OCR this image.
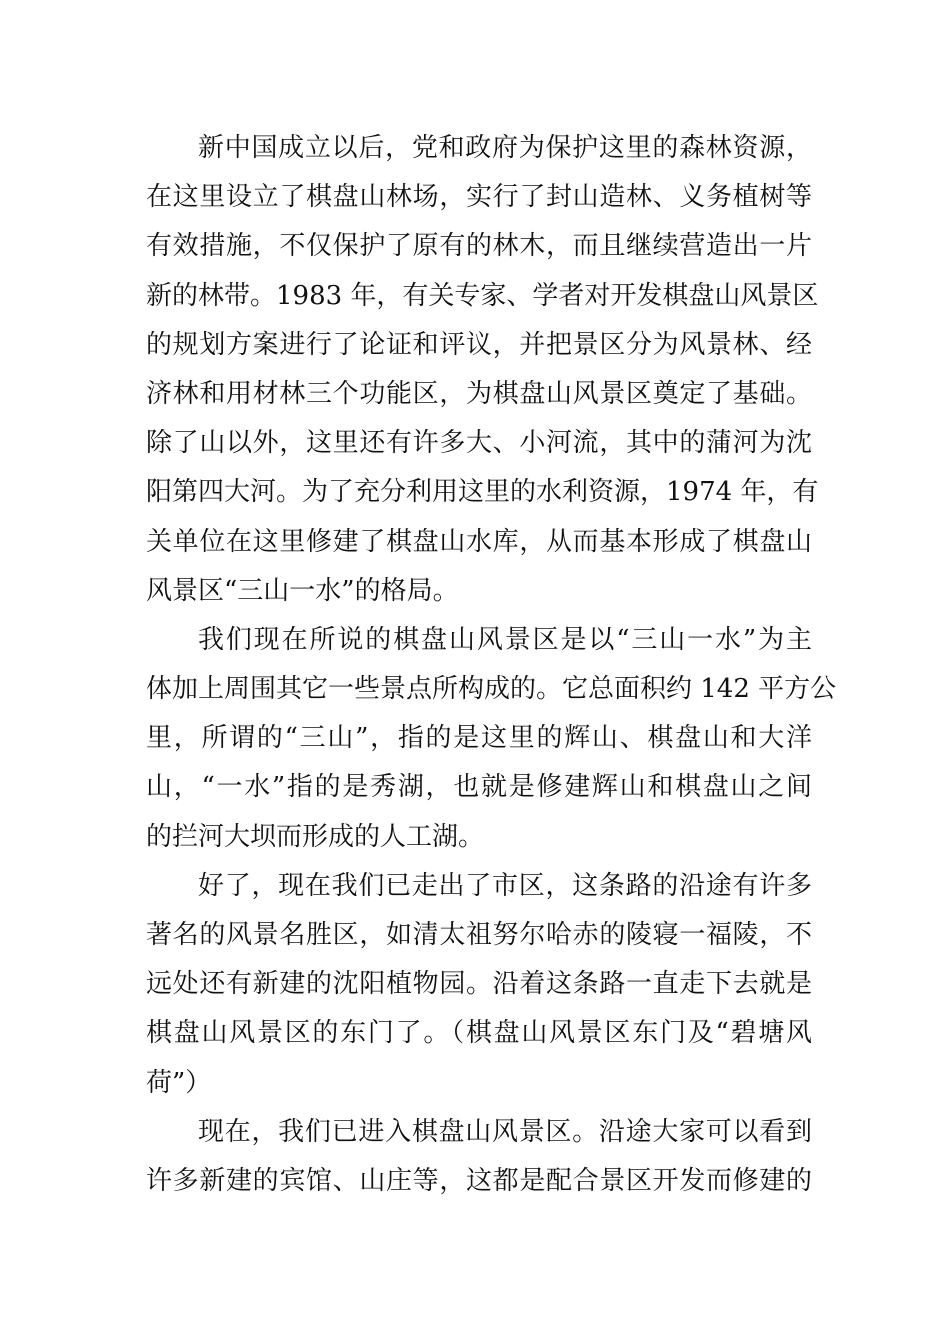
新中国成立以后，党和政府为保护这里的森林资源，
在这里设立了棋盘山林场，实行了封山造林、义务植树等
有效措施，不仅保护了原有的林木，而且继续营造出一片
新的林带。1983 年，有关专家、学者对开发棋盘山风景区
的规划方案进行了论证和评议，并把景区分为风景林、经
济林和用材林三个功能区，为棋盘山风景区奠定了基础。
除了山以外，这里还有许多大、小河流，其中的蒲河为沈
阳第四大河。为了充分利用这里的水利资源，1974 年，有
关单位在这里修建了棋盘山水库，从而基本形成了棋盘山
风景区“三山一水”的格局。
我们现在所说的棋盘山风景区是以“三山一水”为主
体加上周围其它一些景点所构成的。它总面积约 142 平方公
里，所谓的“三山”，指的是这里的辉山、棋盘山和大洋
山，“一水”指的是秀湖，也就是修建辉山和棋盘山之间
的拦河大坝而形成的人工湖。
好了，现在我们已走出了市区，这条路的沿途有许多
著名的风景名胜区，如清太祖努尔哈赤的陵寝一福陵，不
远处还有新建的沈阳植物园。沿着这条路一直走下去就是
棋盘山风景区的东门了。（棋盘山风景区东门及“碧塘风
荷”）
现在，我们已进入棋盘山风景区。沿途大家可以看到
许多新建的宾馆、山庄等，这都是配合景区开发而修建的
